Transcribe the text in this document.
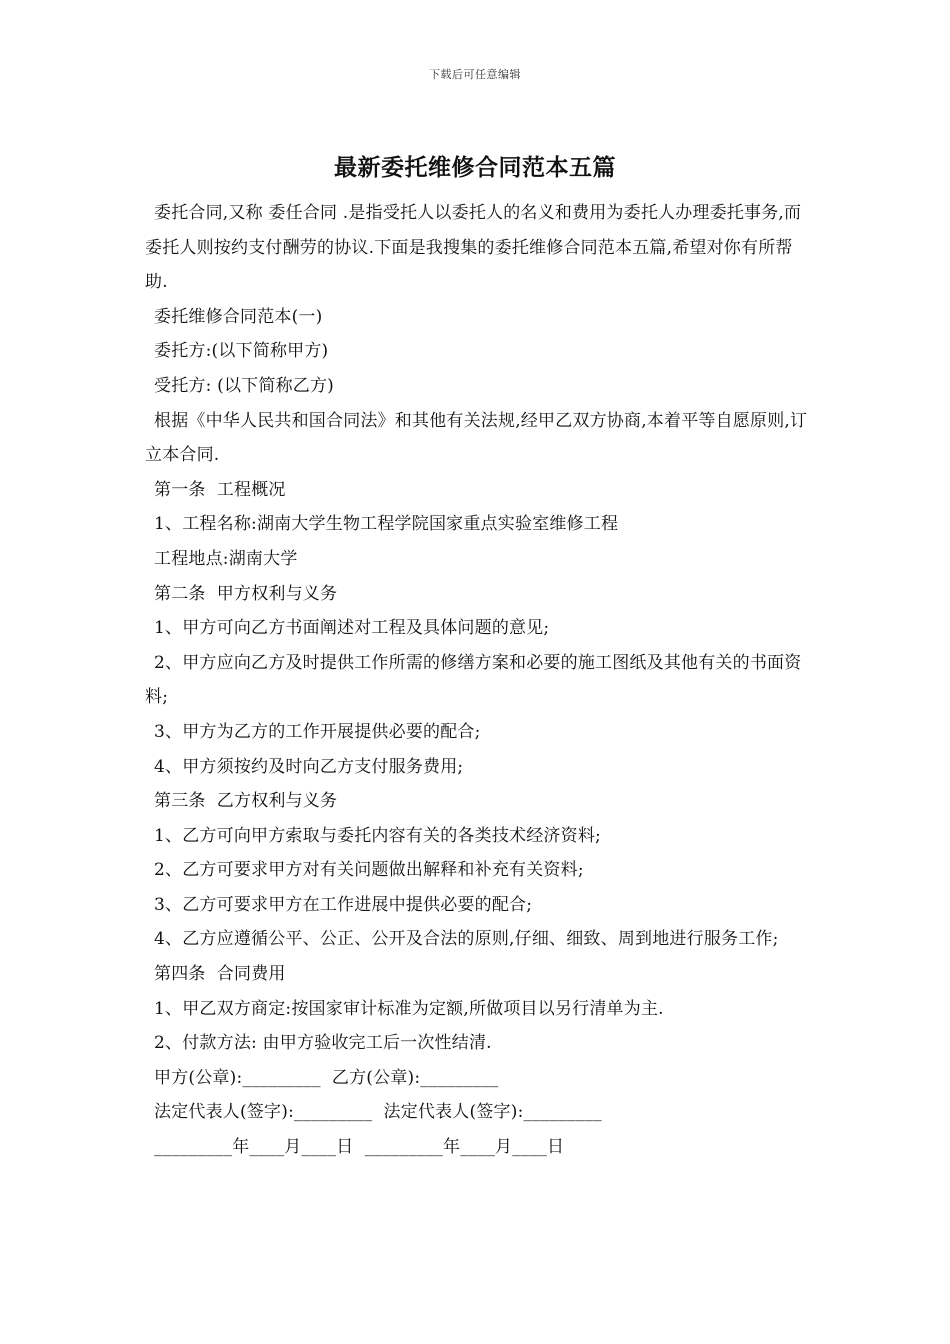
下载后可任意编辑
最新委托维修合同范本五篇

委托合同,又称 委任合同 .是指受托人以委托人的名义和费用为委托人办理委托事务,而委托人则按约支付酬劳的协议.下面是我搜集的委托维修合同范本五篇,希望对你有所帮助.

委托维修合同范本(一)

委托方:(以下简称甲方)

受托方: (以下简称乙方)

根据《中华人民共和国合同法》和其他有关法规,经甲乙双方协商,本着平等自愿原则,订立本合同.

第一条  工程概况

1、工程名称:湖南大学生物工程学院国家重点实验室维修工程

工程地点:湖南大学

第二条  甲方权利与义务

1、甲方可向乙方书面阐述对工程及具体问题的意见;

2、甲方应向乙方及时提供工作所需的修缮方案和必要的施工图纸及其他有关的书面资料;

3、甲方为乙方的工作开展提供必要的配合;

4、甲方须按约及时向乙方支付服务费用;

第三条  乙方权利与义务

1、乙方可向甲方索取与委托内容有关的各类技术经济资料;

2、乙方可要求甲方对有关问题做出解释和补充有关资料;

3、乙方可要求甲方在工作进展中提供必要的配合;

4、乙方应遵循公平、公正、公开及合法的原则,仔细、细致、周到地进行服务工作;

第四条  合同费用

1、甲乙双方商定:按国家审计标准为定额,所做项目以另行清单为主.

2、付款方法: 由甲方验收完工后一次性结清.

甲方(公章):_________  乙方(公章):_________

法定代表人(签字):_________  法定代表人(签字):_________

_________年____月____日  _________年____月____日
